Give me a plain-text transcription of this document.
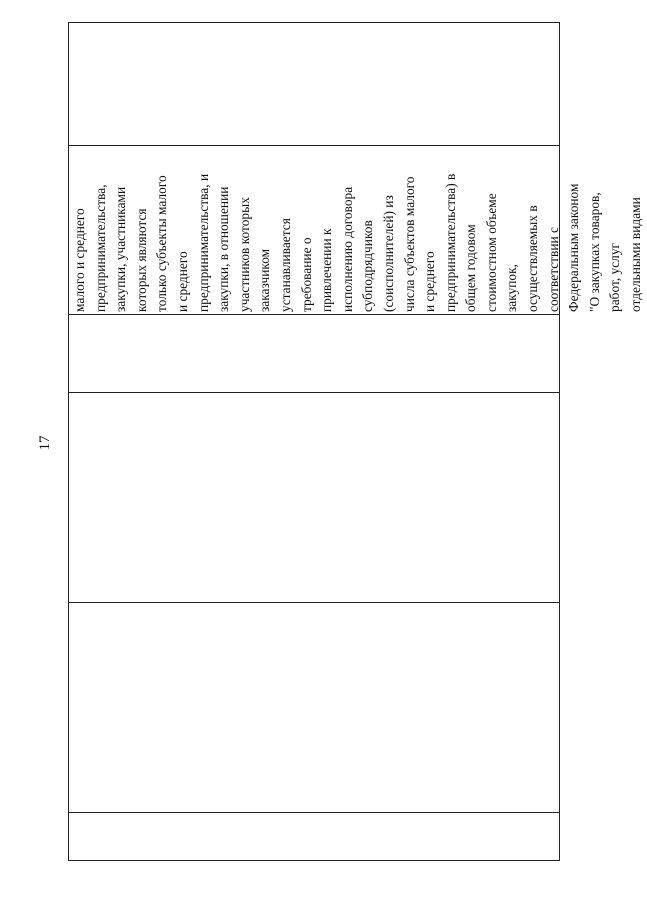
17
малого и среднего предпринимательства, закупки, участниками которых являются только субъекты малого и среднего предпринимательства, и закупки, в отношении участников которых заказчиком устанавливается требование о привлечении к исполнению договора субподрядчиков (соисполнителей) из числа субъектов малого и среднего предпринимательства) в общем годовом стоимостном объеме закупок, осуществляемых в соответствии с Федеральным законом "О закупках товаров, работ, услуг отдельными видами
